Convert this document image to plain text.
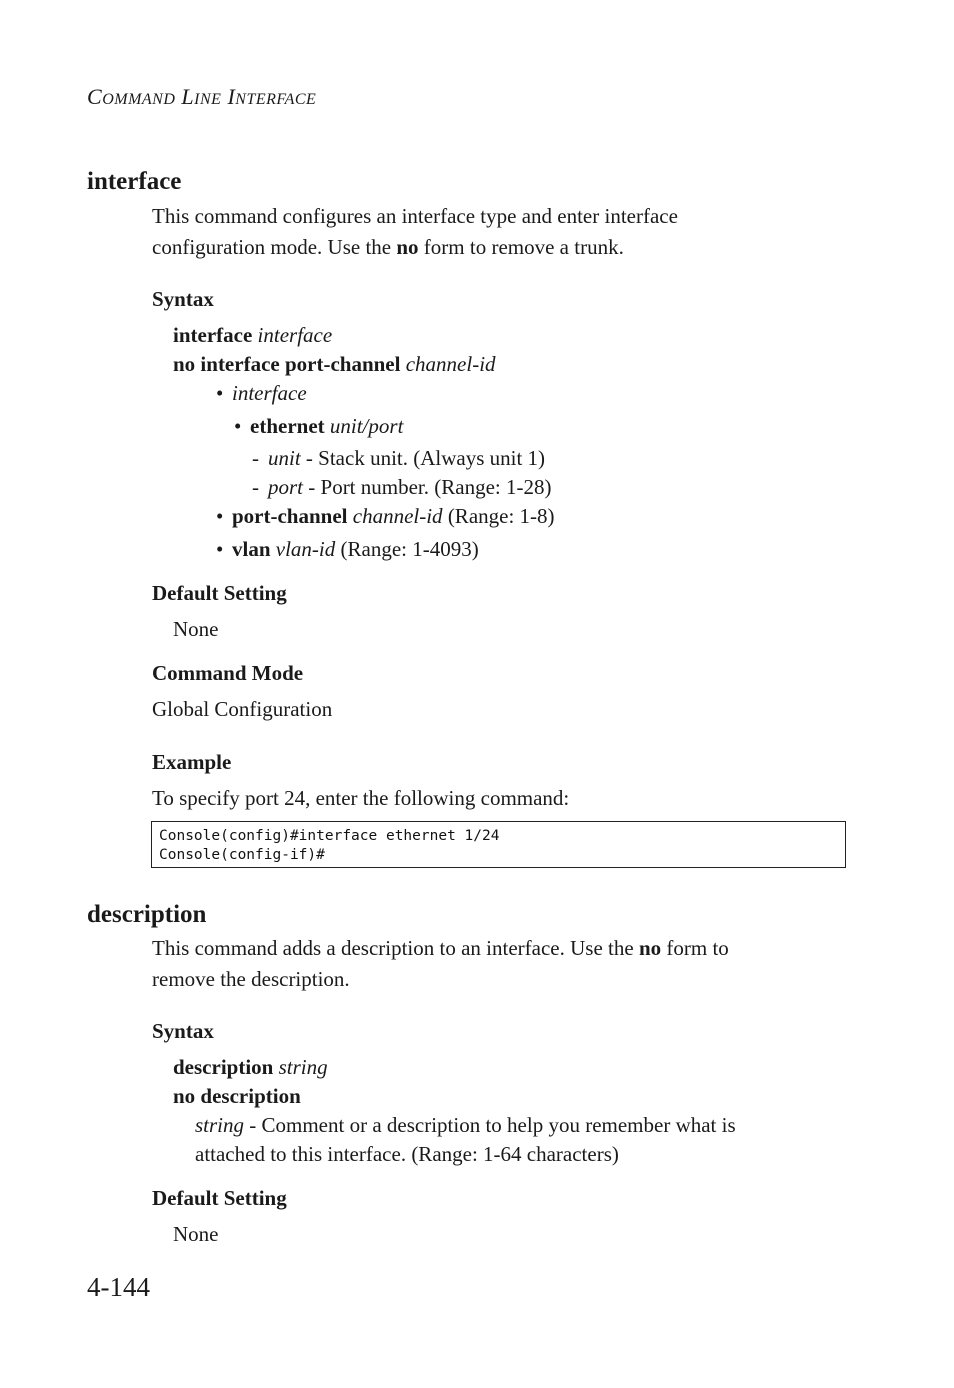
COMMAND LINE INTERFACE
interface
This command configures an interface type and enter interface
configuration mode. Use the no form to remove a trunk.
Syntax
interface interface
no interface port-channel channel-id
• interface
• ethernet unit/port
- unit - Stack unit. (Always unit 1)
- port - Port number. (Range: 1-28)
• port-channel channel-id (Range: 1-8)
• vlan vlan-id (Range: 1-4093)
Default Setting
None
Command Mode
Global Configuration
Example
To specify port 24, enter the following command:
Console(config)#interface ethernet 1/24
Console(config-if)#
description
This command adds a description to an interface. Use the no form to
remove the description.
Syntax
description string
no description
string - Comment or a description to help you remember what is
attached to this interface. (Range: 1-64 characters)
Default Setting
None
4-144
